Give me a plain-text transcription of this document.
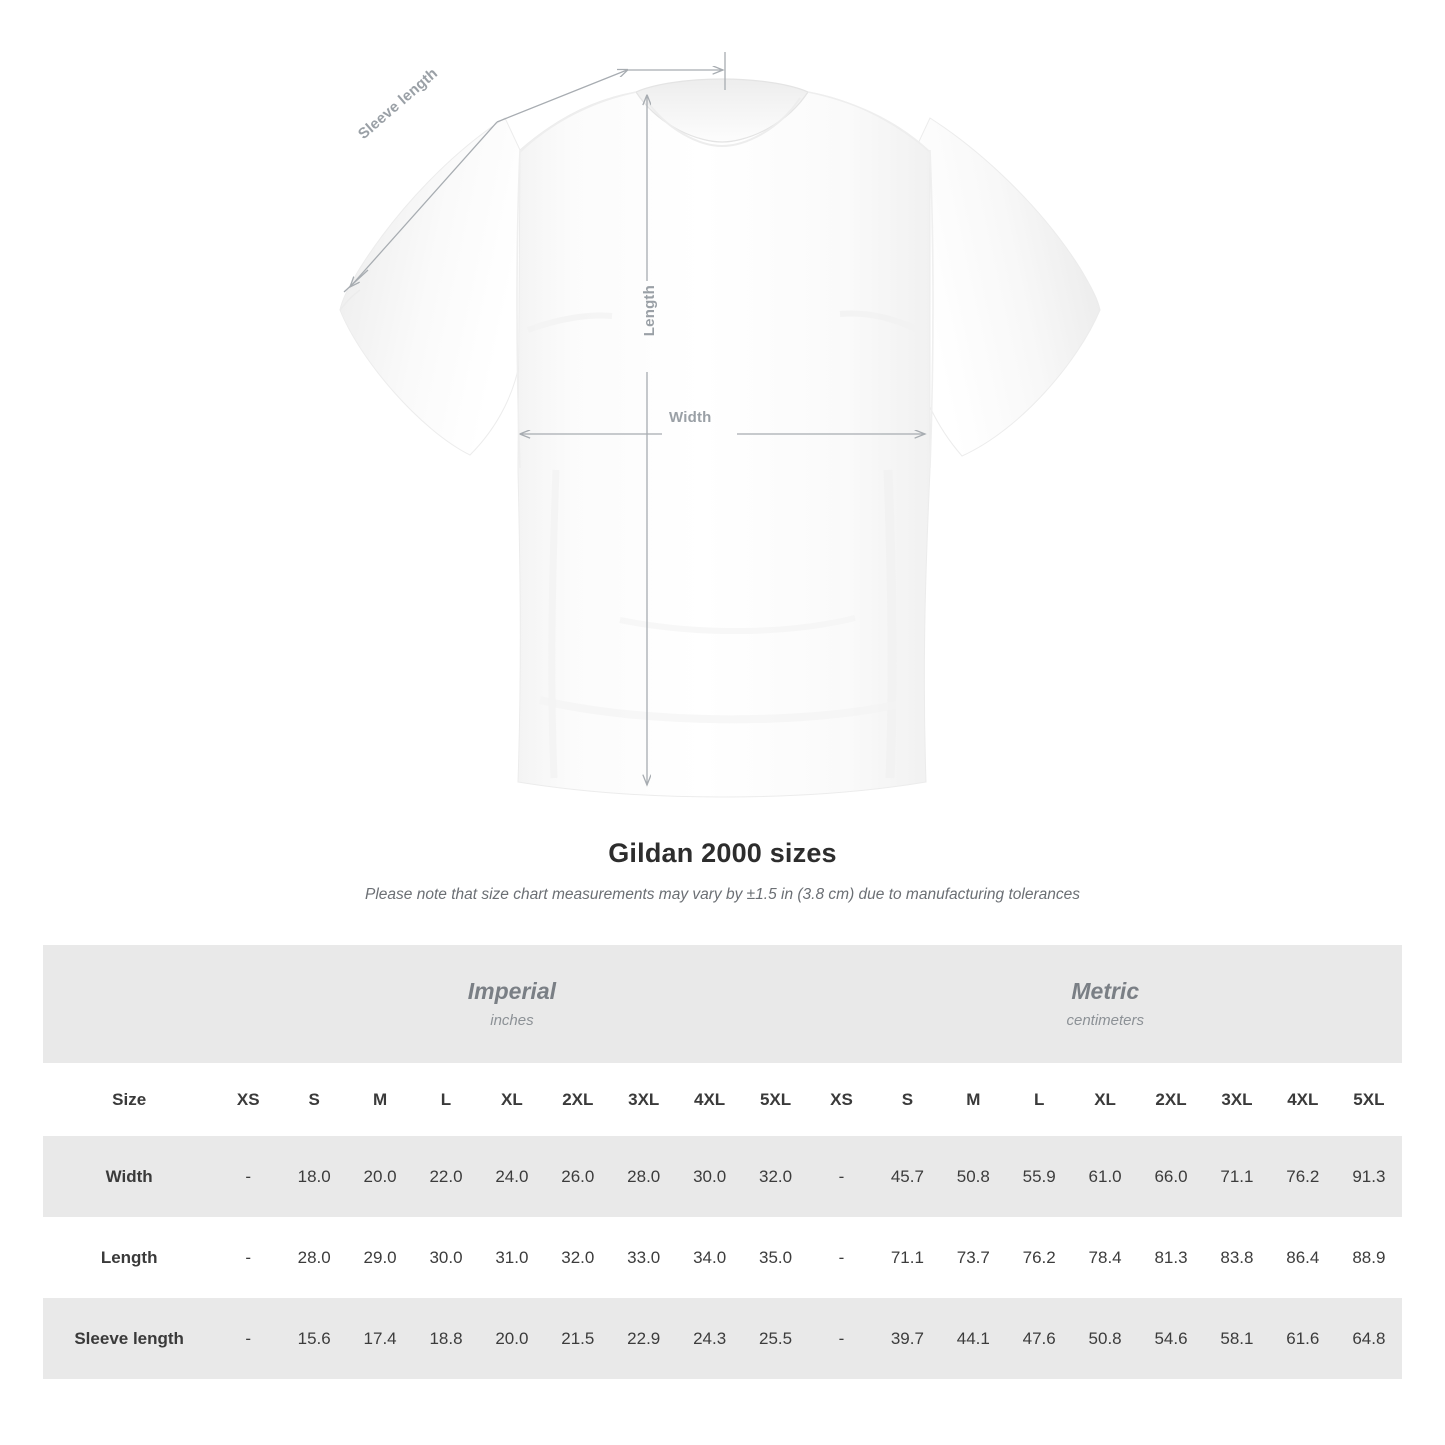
Sleeve length
Length
Width
Gildan 2000 sizes
Please note that size chart measurements may vary by ±1.5 in (3.8 cm) due to manufacturing tolerances

Imperial
inches

Metric
centimeters

Size	XS	S	M	L	XL	2XL	3XL	4XL	5XL	XS	S	M	L	XL	2XL	3XL	4XL	5XL
Width	-	18.0	20.0	22.0	24.0	26.0	28.0	30.0	32.0	-	45.7	50.8	55.9	61.0	66.0	71.1	76.2	91.3
Length	-	28.0	29.0	30.0	31.0	32.0	33.0	34.0	35.0	-	71.1	73.7	76.2	78.4	81.3	83.8	86.4	88.9
Sleeve length	-	15.6	17.4	18.8	20.0	21.5	22.9	24.3	25.5	-	39.7	44.1	47.6	50.8	54.6	58.1	61.6	64.8
